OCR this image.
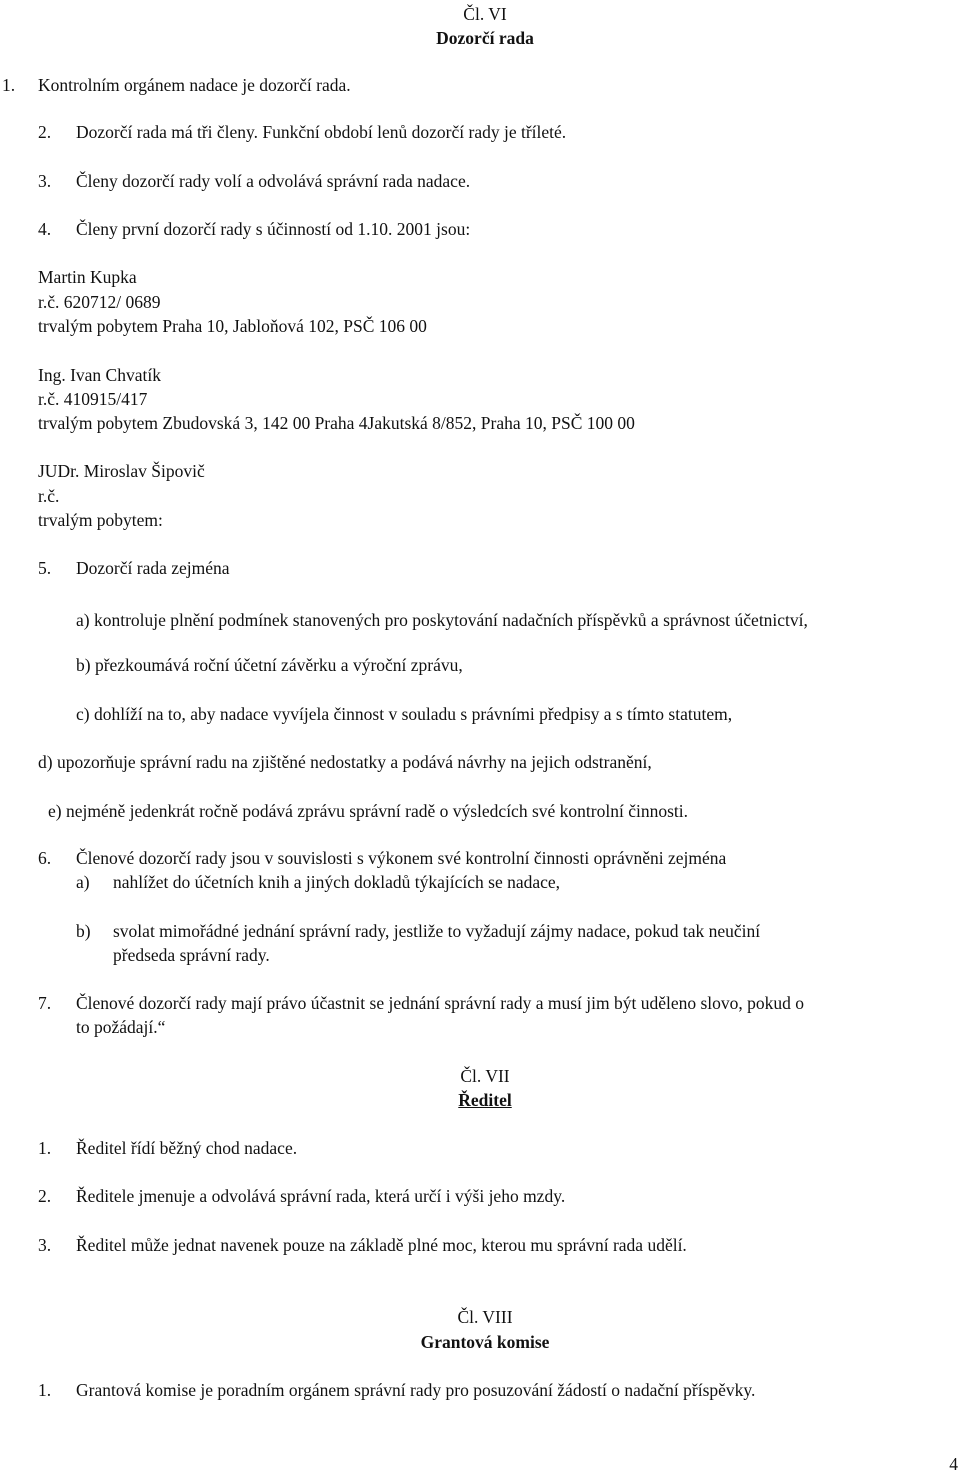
Čl. VI
Dozorčí rada
1. Kontrolním orgánem nadace je dozorčí rada.
2. Dozorčí rada má tři členy. Funkční období lenů dozorčí rady je tříleté.
3. Členy dozorčí rady volí a odvolává správní rada nadace.
4. Členy první dozorčí rady s účinností od 1.10. 2001 jsou:
Martin Kupka
r.č. 620712/ 0689
trvalým pobytem Praha 10, Jabloňová 102, PSČ 106 00
Ing. Ivan Chvatík
r.č. 410915/417
trvalým pobytem Zbudovská 3, 142 00 Praha 4Jakutská 8/852, Praha 10, PSČ 100 00
JUDr. Miroslav Šipovič
r.č.
trvalým pobytem:
5. Dozorčí rada zejména
a) kontroluje plnění podmínek stanovených pro poskytování nadačních příspěvků a správnost účetnictví,
b) přezkoumává roční účetní závěrku a výroční zprávu,
c) dohlíží na to, aby nadace vyvíjela činnost v souladu s právními předpisy a s tímto statutem,
d) upozorňuje správní radu na zjištěné nedostatky a podává návrhy na jejich odstranění,
e) nejméně jedenkrát ročně podává zprávu správní radě o výsledcích své kontrolní činnosti.
6. Členové dozorčí rady jsou v souvislosti s výkonem své kontrolní činnosti oprávněni zejména
a) nahlížet do účetních knih a jiných dokladů týkajících se nadace,
b) svolat mimořádné jednání správní rady, jestliže to vyžadují zájmy nadace, pokud tak neučiní
předseda správní rady.
7. Členové dozorčí rady mají právo účastnit se jednání správní rady a musí jim být uděleno slovo, pokud o
to požádají.“
Čl. VII
Ředitel
1. Ředitel řídí běžný chod nadace.
2. Ředitele jmenuje a odvolává správní rada, která určí i výši jeho mzdy.
3. Ředitel může jednat navenek pouze na základě plné moc, kterou mu správní rada udělí.
Čl. VIII
Grantová komise
1. Grantová komise je poradním orgánem správní rady pro posuzování žádostí o nadační příspěvky.
4
